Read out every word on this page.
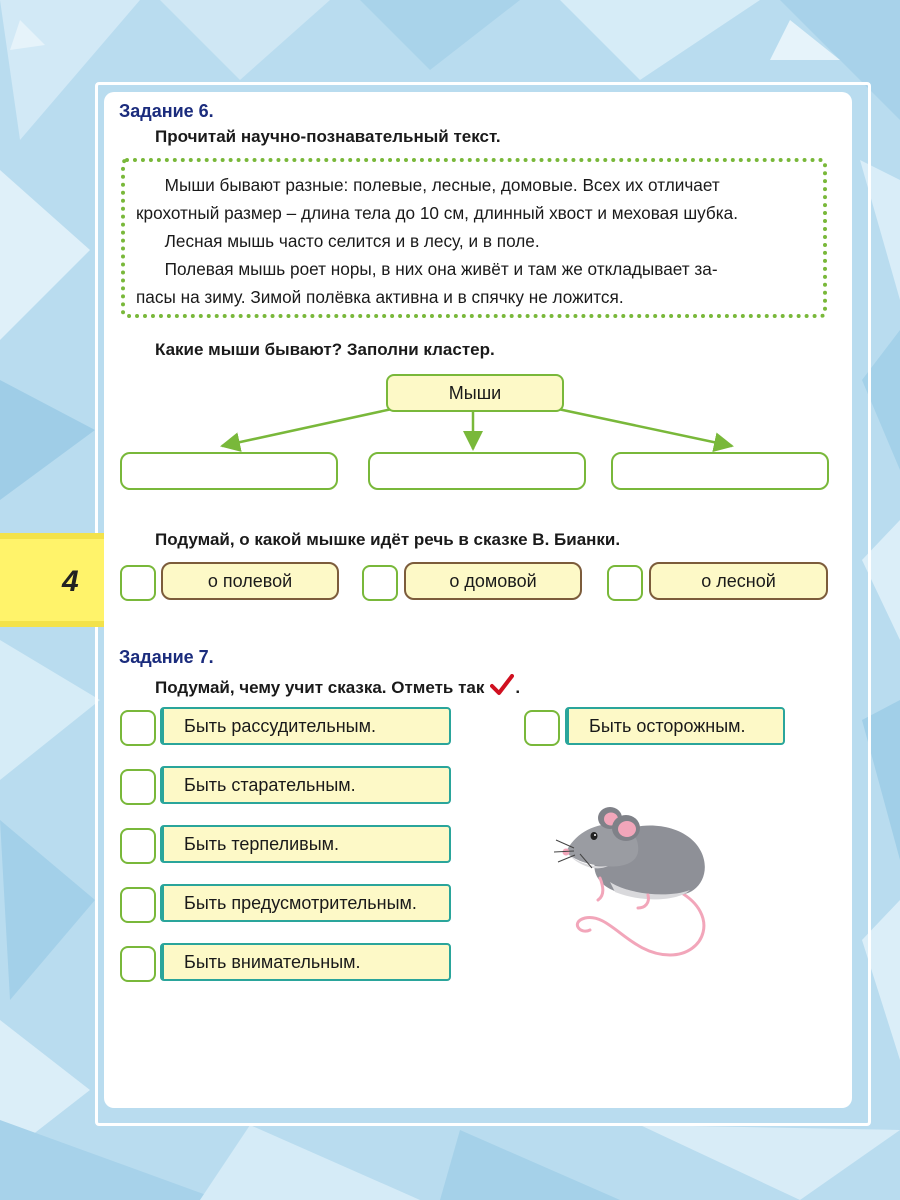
4
Задание 6.
Прочитай научно-познавательный текст.
Мыши бывают разные: полевые, лесные, домовые. Всех их отличает
крохотный размер – длина тела до 10 см, длинный хвост и меховая шубка.
Лесная мышь часто селится и в лесу, и в поле.
Полевая мышь роет норы, в них она живёт и там же откладывает за-
пасы на зиму. Зимой полёвка активна и в спячку не ложится.
Какие мыши бывают? Заполни кластер.
Мыши
Подумай, о какой мышке идёт речь в сказке В. Бианки.
о полевой	о домовой	о лесной
Задание 7.
Подумай, чему учит сказка. Отметь так .
Быть рассудительным.
Быть старательным.
Быть терпеливым.
Быть предусмотрительным.
Быть внимательным.
Быть осторожным.
